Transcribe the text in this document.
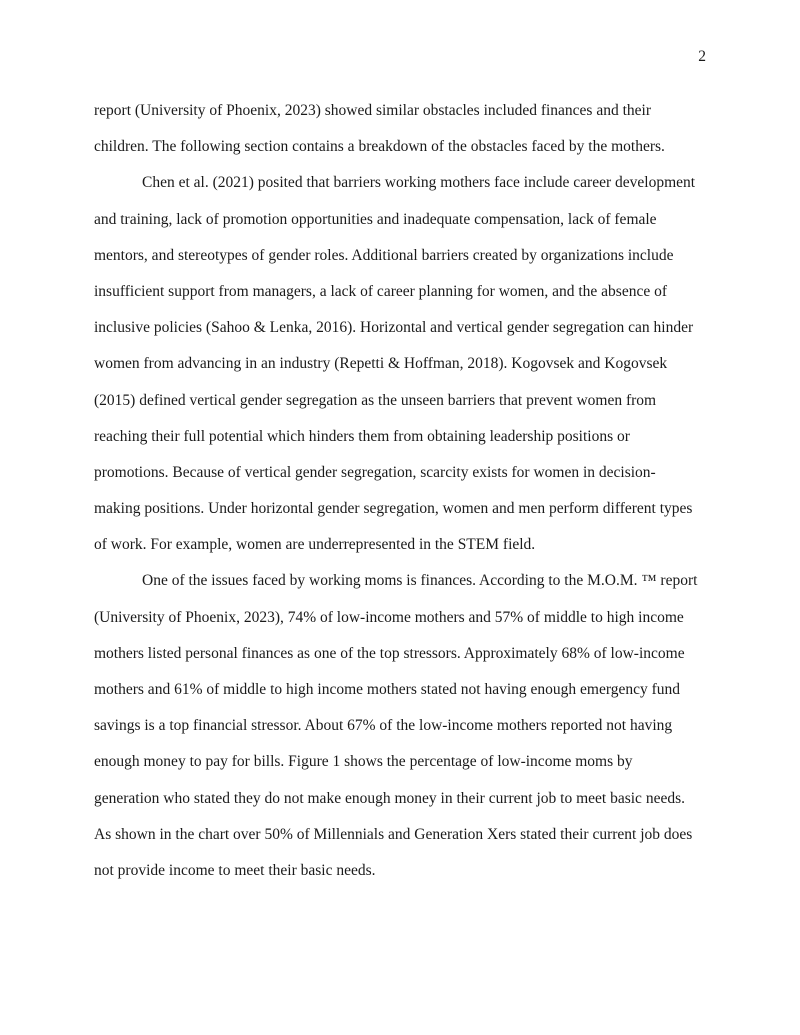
2

report (University of Phoenix, 2023) showed similar obstacles included finances and their
children. The following section contains a breakdown of the obstacles faced by the mothers.

Chen et al. (2021) posited that barriers working mothers face include career development
and training, lack of promotion opportunities and inadequate compensation, lack of female
mentors, and stereotypes of gender roles. Additional barriers created by organizations include
insufficient support from managers, a lack of career planning for women, and the absence of
inclusive policies (Sahoo & Lenka, 2016). Horizontal and vertical gender segregation can hinder
women from advancing in an industry (Repetti & Hoffman, 2018). Kogovsek and Kogovsek
(2015) defined vertical gender segregation as the unseen barriers that prevent women from
reaching their full potential which hinders them from obtaining leadership positions or
promotions. Because of vertical gender segregation, scarcity exists for women in decision-
making positions. Under horizontal gender segregation, women and men perform different types
of work. For example, women are underrepresented in the STEM field.

One of the issues faced by working moms is finances. According to the M.O.M. ™ report
(University of Phoenix, 2023), 74% of low-income mothers and 57% of middle to high income
mothers listed personal finances as one of the top stressors. Approximately 68% of low-income
mothers and 61% of middle to high income mothers stated not having enough emergency fund
savings is a top financial stressor. About 67% of the low-income mothers reported not having
enough money to pay for bills. Figure 1 shows the percentage of low-income moms by
generation who stated they do not make enough money in their current job to meet basic needs.
As shown in the chart over 50% of Millennials and Generation Xers stated their current job does
not provide income to meet their basic needs.
